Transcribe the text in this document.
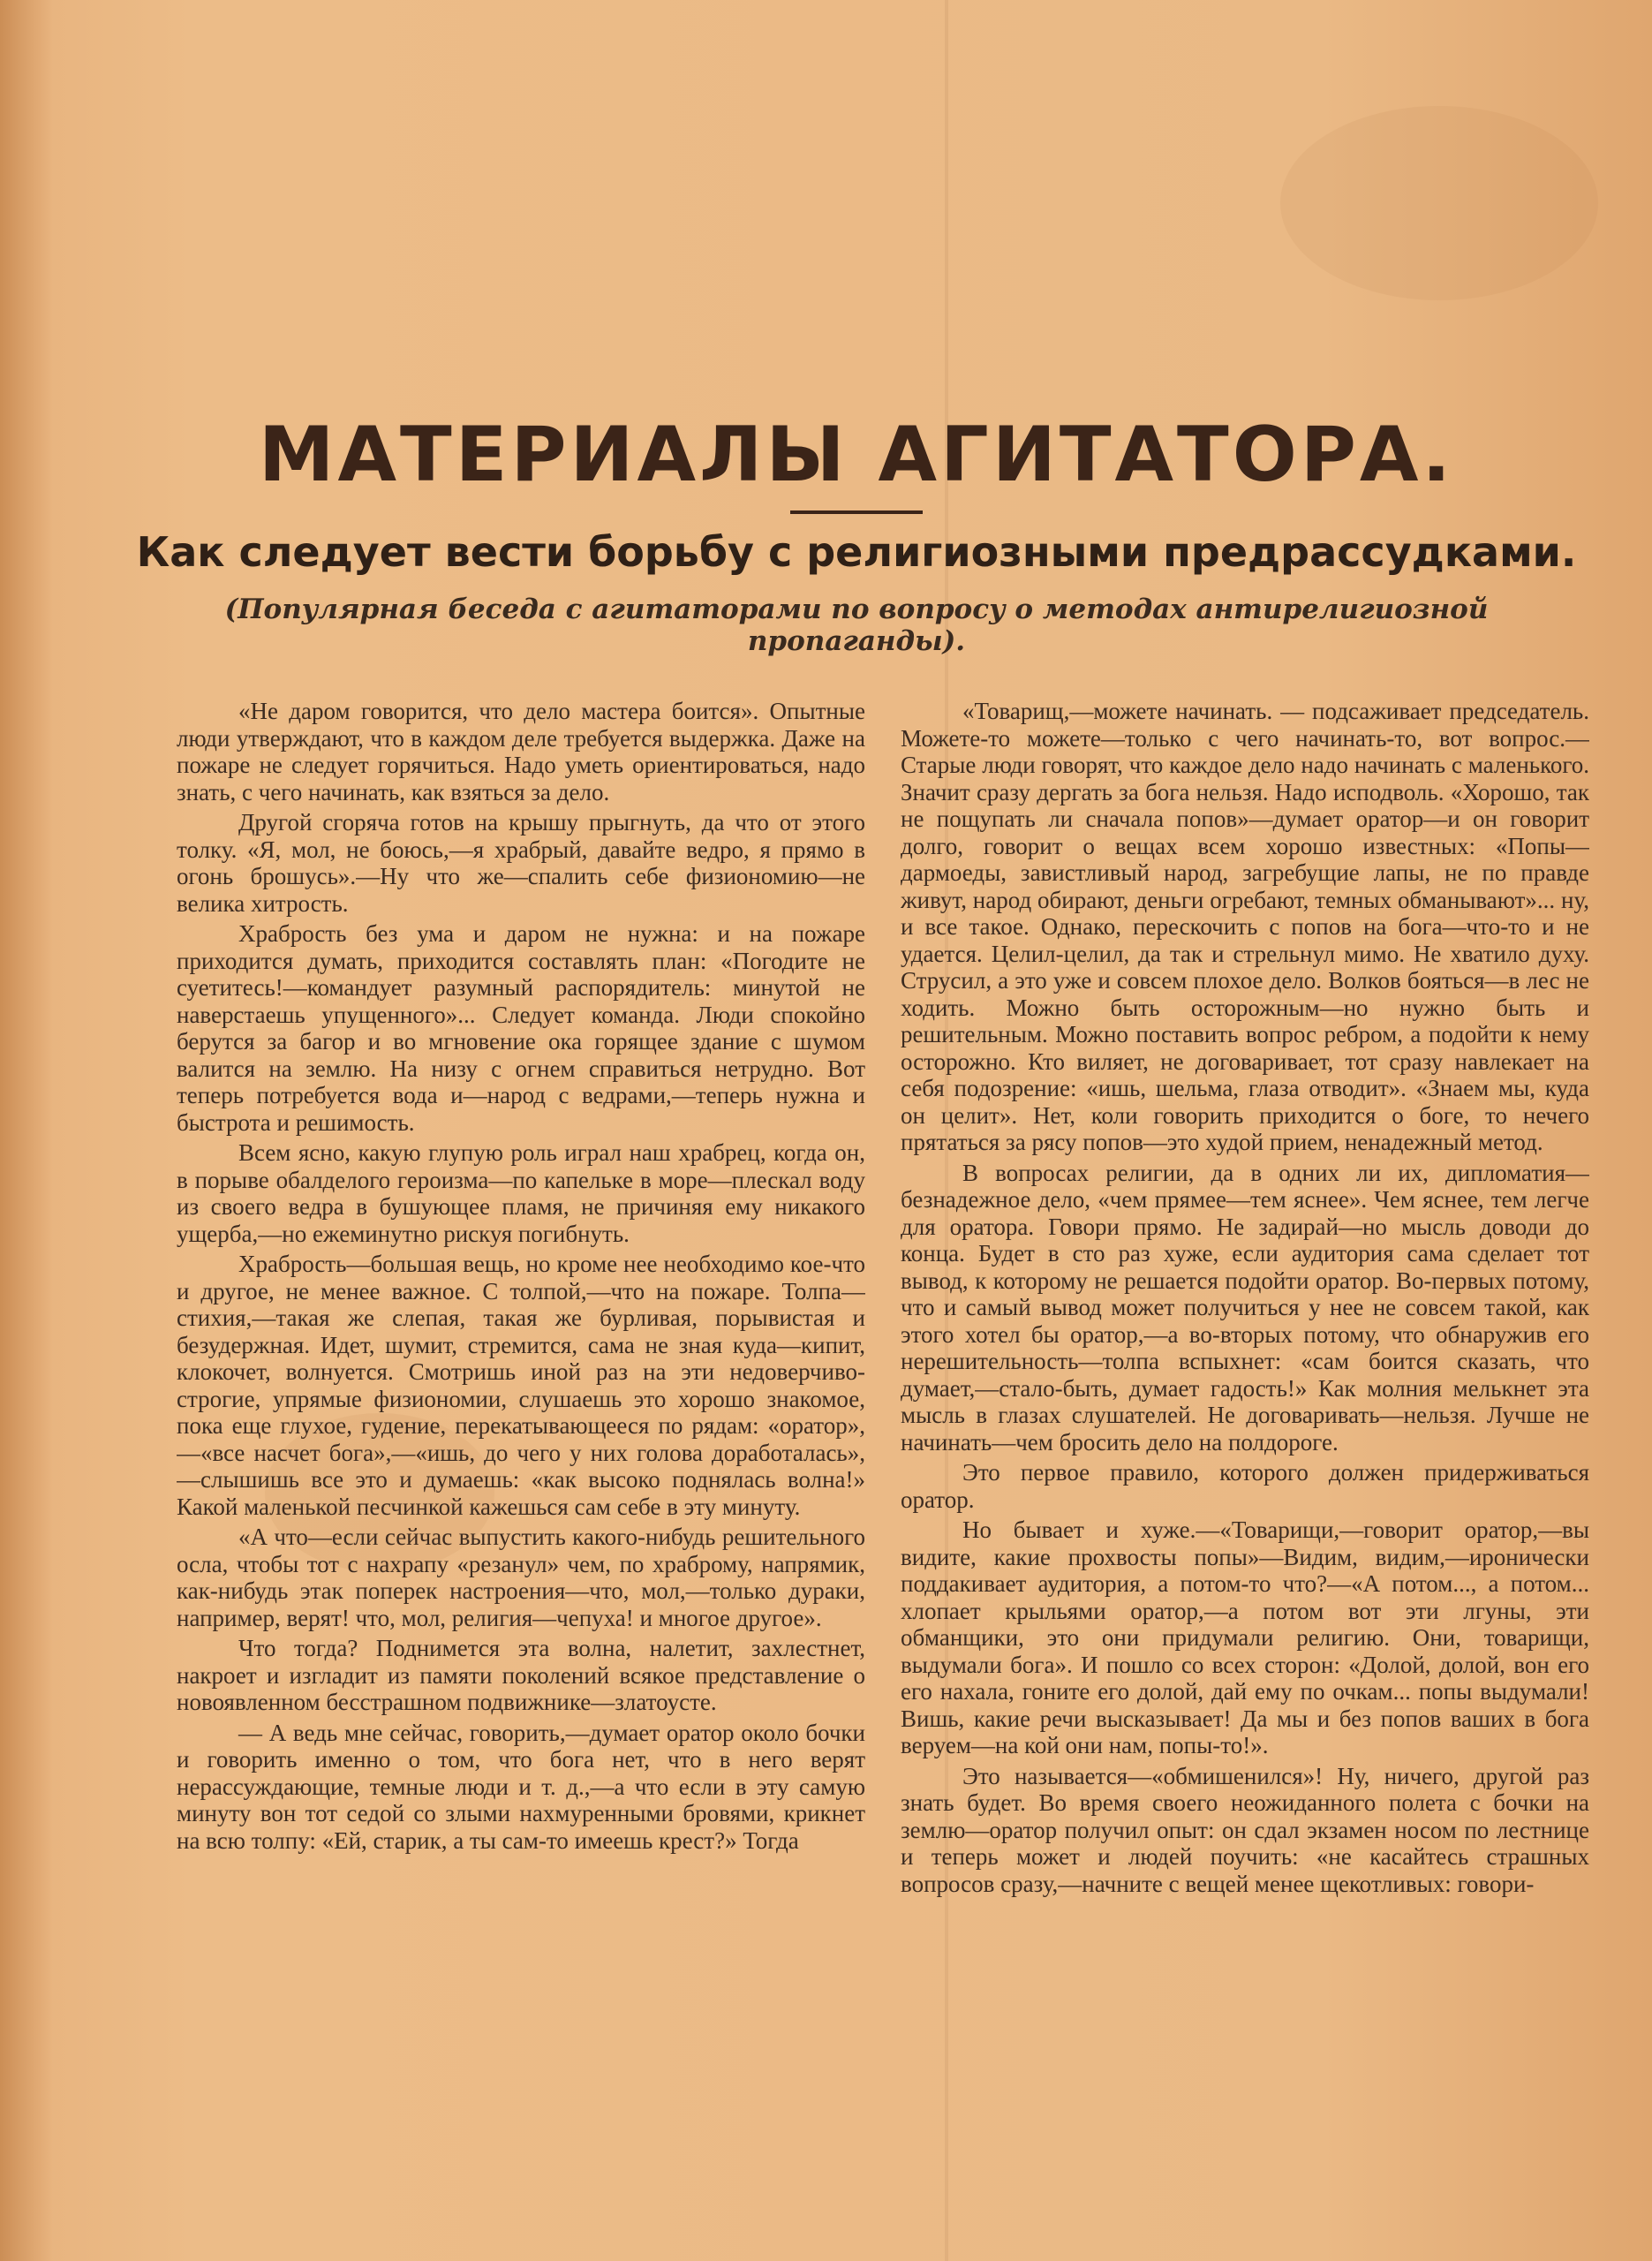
МАТЕРИАЛЫ АГИТАТОРА.
Как следует вести борьбу с религиозными предрассудками.

(Популярная беседа с агитаторами по вопросу о методах антирелигиозной пропаганды).

«Не даром говорится, что дело мастера боится». Опытные люди утверждают, что в каждом деле требуется выдержка. Даже на пожаре не следует горячиться. Надо уметь ориентироваться, надо знать, с чего начинать, как взяться за дело.

Другой сгоряча готов на крышу прыгнуть, да что от этого толку. «Я, мол, не боюсь,—я храбрый, давайте ведро, я прямо в огонь брошусь».—Ну что же—спалить себе физиономию—не велика хитрость.

Храбрость без ума и даром не нужна: и на пожаре приходится думать, приходится составлять план: «Погодите не суетитесь!—командует разумный распорядитель: минутой не наверстаешь упущенного»... Следует команда. Люди спокойно берутся за багор и во мгновение ока горящее здание с шумом валится на землю. На низу с огнем справиться нетрудно. Вот теперь потребуется вода и—народ с ведрами,—теперь нужна и быстрота и решимость.

Всем ясно, какую глупую роль играл наш храбрец, когда он, в порыве обалделого героизма—по капельке в море—плескал воду из своего ведра в бушующее пламя, не причиняя ему никакого ущерба,—но ежеминутно рискуя погибнуть.

Храбрость—большая вещь, но кроме нее необходимо кое-что и другое, не менее важное. С толпой,—что на пожаре. Толпа—стихия,—такая же слепая, такая же бурливая, порывистая и безудержная. Идет, шумит, стремится, сама не зная куда—кипит, клокочет, волнуется. Смотришь иной раз на эти недоверчиво-строгие, упрямые физиономии, слушаешь это хорошо знакомое, пока еще глухое, гудение, перекатывающееся по рядам: «оратор»,—«все насчет бога»,—«ишь, до чего у них голова доработалась»,—слышишь все это и думаешь: «как высоко поднялась волна!» Какой маленькой песчинкой кажешься сам себе в эту минуту.

«А что—если сейчас выпустить какого-нибудь решительного осла, чтобы тот с нахрапу «резанул» чем, по храброму, напрямик, как-нибудь этак поперек настроения—что, мол,—только дураки, например, верят! что, мол, религия—чепуха! и многое другое».

Что тогда? Поднимется эта волна, налетит, захлестнет, накроет и изгладит из памяти поколений всякое представление о новоявленном бесстрашном подвижнике—златоусте.

— А ведь мне сейчас, говорить,—думает оратор около бочки и говорить именно о том, что бога нет, что в него верят нерассуждающие, темные люди и т. д.,—а что если в эту самую минуту вон тот седой со злыми нахмуренными бровями, крикнет на всю толпу: «Ей, старик, а ты сам-то имеешь крест?» Тогда

«Товарищ,—можете начинать. — подсаживает председатель. Можете-то можете—только с чего начинать-то, вот вопрос.—Старые люди говорят, что каждое дело надо начинать с маленького. Значит сразу дергать за бога нельзя. Надо исподволь. «Хорошо, так не пощупать ли сначала попов»—думает оратор—и он говорит долго, говорит о вещах всем хорошо известных: «Попы—дармоеды, завистливый народ, загребущие лапы, не по правде живут, народ обирают, деньги огребают, темных обманывают»... ну, и все такое. Однако, перескочить с попов на бога—что-то и не удается. Целил-целил, да так и стрельнул мимо. Не хватило духу. Струсил, а это уже и совсем плохое дело. Волков бояться—в лес не ходить. Можно быть осторожным—но нужно быть и решительным. Можно поставить вопрос ребром, а подойти к нему осторожно. Кто виляет, не договаривает, тот сразу навлекает на себя подозрение: «ишь, шельма, глаза отводит». «Знаем мы, куда он целит». Нет, коли говорить приходится о боге, то нечего прятаться за рясу попов—это худой прием, ненадежный метод.

В вопросах религии, да в одних ли их, дипломатия—безнадежное дело, «чем прямее—тем яснее». Чем яснее, тем легче для оратора. Говори прямо. Не задирай—но мысль доводи до конца. Будет в сто раз хуже, если аудитория сама сделает тот вывод, к которому не решается подойти оратор. Во-первых потому, что и самый вывод может получиться у нее не совсем такой, как этого хотел бы оратор,—а во-вторых потому, что обнаружив его нерешительность—толпа вспыхнет: «сам боится сказать, что думает,—стало-быть, думает гадость!» Как молния мелькнет эта мысль в глазах слушателей. Не договаривать—нельзя. Лучше не начинать—чем бросить дело на полдороге.

Это первое правило, которого должен придерживаться оратор.

Но бывает и хуже.—«Товарищи,—говорит оратор,—вы видите, какие прохвосты попы»—Видим, видим,—иронически поддакивает аудитория, а потом-то что?—«А потом..., а потом... хлопает крыльями оратор,—а потом вот эти лгуны, эти обманщики, это они придумали религию. Они, товарищи, выдумали бога». И пошло со всех сторон: «Долой, долой, вон его его нахала, гоните его долой, дай ему по очкам... попы выдумали! Вишь, какие речи высказывает! Да мы и без попов ваших в бога веруем—на кой они нам, попы-то!».

Это называется—«обмишенился»! Ну, ничего, другой раз знать будет. Во время своего неожиданного полета с бочки на землю—оратор получил опыт: он сдал экзамен носом по лестнице и теперь может и людей поучить: «не касайтесь страшных вопросов сразу,—начните с вещей менее щекотливых: говори-
